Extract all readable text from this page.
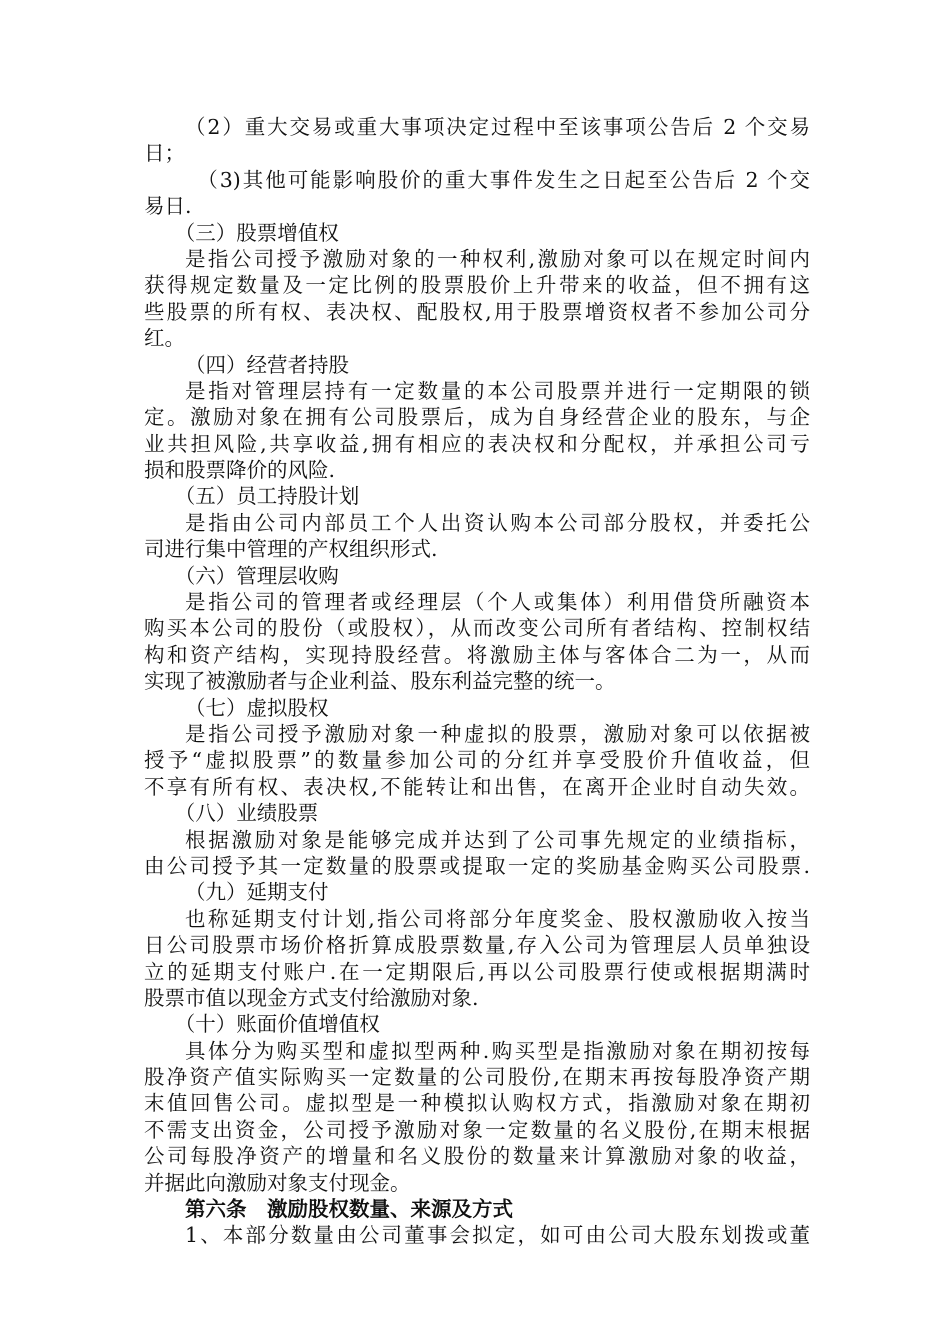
（2）重大交易或重大事项决定过程中至该事项公告后 2 个交易
日；
（3)其他可能影响股价的重大事件发生之日起至公告后 2 个交
易日.
（三）股票增值权
是指公司授予激励对象的一种权利,激励对象可以在规定时间内
获得规定数量及一定比例的股票股价上升带来的收益，但不拥有这
些股票的所有权、表决权、配股权,用于股票增资权者不参加公司分
红。
（四）经营者持股
是指对管理层持有一定数量的本公司股票并进行一定期限的锁
定。激励对象在拥有公司股票后，成为自身经营企业的股东，与企
业共担风险,共享收益,拥有相应的表决权和分配权，并承担公司亏
损和股票降价的风险.
（五）员工持股计划
是指由公司内部员工个人出资认购本公司部分股权，并委托公
司进行集中管理的产权组织形式.
（六）管理层收购
是指公司的管理者或经理层（个人或集体）利用借贷所融资本
购买本公司的股份（或股权），从而改变公司所有者结构、控制权结
构和资产结构，实现持股经营。将激励主体与客体合二为一，从而
实现了被激励者与企业利益、股东利益完整的统一。
（七）虚拟股权
是指公司授予激励对象一种虚拟的股票，激励对象可以依据被
授予“虚拟股票”的数量参加公司的分红并享受股价升值收益，但
不享有所有权、表决权,不能转让和出售，在离开企业时自动失效。
（八）业绩股票
根据激励对象是能够完成并达到了公司事先规定的业绩指标，
由公司授予其一定数量的股票或提取一定的奖励基金购买公司股票.
（九）延期支付
也称延期支付计划,指公司将部分年度奖金、股权激励收入按当
日公司股票市场价格折算成股票数量,存入公司为管理层人员单独设
立的延期支付账户.在一定期限后,再以公司股票行使或根据期满时
股票市值以现金方式支付给激励对象.
（十）账面价值增值权
具体分为购买型和虚拟型两种.购买型是指激励对象在期初按每
股净资产值实际购买一定数量的公司股份,在期末再按每股净资产期
末值回售公司。虚拟型是一种模拟认购权方式，指激励对象在期初
不需支出资金，公司授予激励对象一定数量的名义股份,在期末根据
公司每股净资产的增量和名义股份的数量来计算激励对象的收益，
并据此向激励对象支付现金。
第六条　激励股权数量、来源及方式
1、本部分数量由公司董事会拟定，如可由公司大股东划拨或董
